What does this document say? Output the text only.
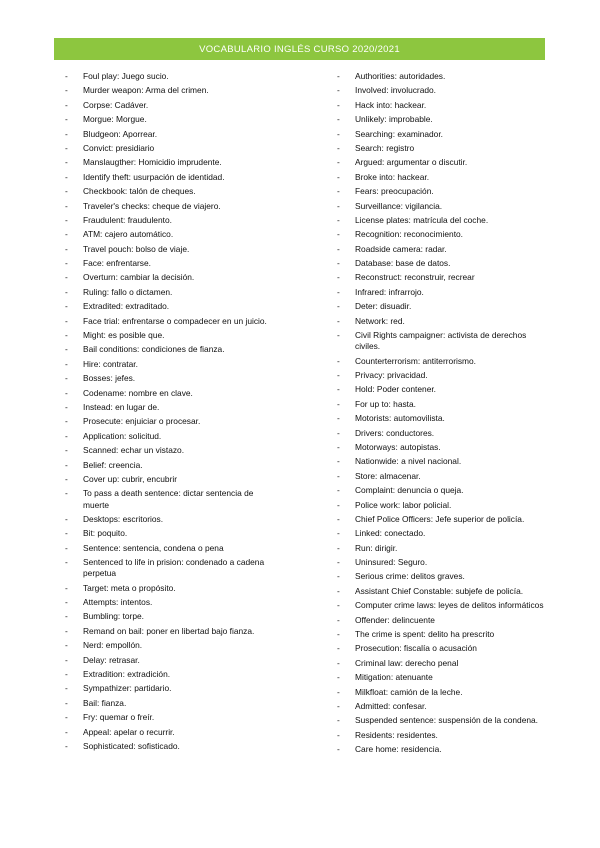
VOCABULARIO INGLÉS CURSO 2020/2021
- Foul play: Juego sucio.
- Murder weapon: Arma del crimen.
- Corpse: Cadáver.
- Morgue: Morgue.
- Bludgeon: Aporrear.
- Convict: presidiario
- Manslaugther: Homicidio imprudente.
- Identify theft: usurpación de identidad.
- Checkbook: talón de cheques.
- Traveler's checks: cheque de viajero.
- Fraudulent: fraudulento.
- ATM: cajero automático.
- Travel pouch: bolso de viaje.
- Face: enfrentarse.
- Overturn: cambiar la decisión.
- Ruling: fallo o dictamen.
- Extradited: extraditado.
- Face trial: enfrentarse o compadecer en un juicio.
- Might: es posible que.
- Bail conditions: condiciones de fianza.
- Hire: contratar.
- Bosses: jefes.
- Codename: nombre en clave.
- Instead: en lugar de.
- Prosecute: enjuiciar o procesar.
- Application: solicitud.
- Scanned: echar un vistazo.
- Belief: creencia.
- Cover up: cubrir, encubrir
- To pass a death sentence: dictar sentencia de muerte
- Desktops: escritorios.
- Bit: poquito.
- Sentence: sentencia, condena o pena
- Sentenced to life in prision: condenado a cadena perpetua
- Target: meta o propósito.
- Attempts: intentos.
- Bumbling: torpe.
- Remand on bail: poner en libertad bajo fianza.
- Nerd: empollón.
- Delay: retrasar.
- Extradition: extradición.
- Sympathizer: partidario.
- Bail: fianza.
- Fry: quemar o freír.
- Appeal: apelar o recurrir.
- Sophisticated: sofisticado.
- Authorities: autoridades.
- Involved: involucrado.
- Hack into: hackear.
- Unlikely: improbable.
- Searching: examinador.
- Search: registro
- Argued: argumentar o discutir.
- Broke into: hackear.
- Fears: preocupación.
- Surveillance: vigilancia.
- License plates: matrícula del coche.
- Recognition: reconocimiento.
- Roadside camera: radar.
- Database: base de datos.
- Reconstruct: reconstruir, recrear
- Infrared: infrarrojo.
- Deter: disuadir.
- Network: red.
- Civil Rights campaigner: activista de derechos civiles.
- Counterterrorism: antiterrorismo.
- Privacy: privacidad.
- Hold: Poder contener.
- For up to: hasta.
- Motorists: automovilista.
- Drivers: conductores.
- Motorways: autopistas.
- Nationwide: a nivel nacional.
- Store: almacenar.
- Complaint: denuncia o queja.
- Police work: labor policial.
- Chief Police Officers: Jefe superior de policía.
- Linked: conectado.
- Run: dirigir.
- Uninsured: Seguro.
- Serious crime: delitos graves.
- Assistant Chief Constable: subjefe de policía.
- Computer crime laws: leyes de delitos informáticos
- Offender: delincuente
- The crime is spent: delito ha prescrito
- Prosecution: fiscalía o acusación
- Criminal law: derecho penal
- Mitigation: atenuante
- Milkfloat: camión de la leche.
- Admitted: confesar.
- Suspended sentence: suspensión de la condena.
- Residents: residentes.
- Care home: residencia.
